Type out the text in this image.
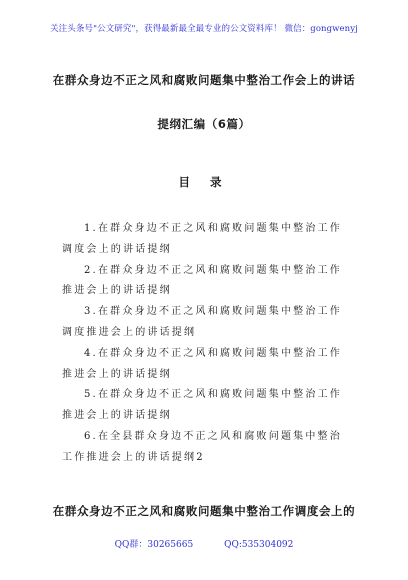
关注头条号"公文研究"，获得最新最全最专业的公文资料库！ 微信：gongwenyj
在群众身边不正之风和腐败问题集中整治工作会上的讲话
提纲汇编（6篇）
目 录
1.在群众身边不正之风和腐败问题集中整治工作调度会上的讲话提纲
2.在群众身边不正之风和腐败问题集中整治工作推进会上的讲话提纲
3.在群众身边不正之风和腐败问题集中整治工作调度推进会上的讲话提纲
4.在群众身边不正之风和腐败问题集中整治工作推进会上的讲话提纲
5.在群众身边不正之风和腐败问题集中整治工作推进会上的讲话提纲
6.在全县群众身边不正之风和腐败问题集中整治工作推进会上的讲话提纲2
在群众身边不正之风和腐败问题集中整治工作调度会上的
QQ群：30265665	QQ:535304092
